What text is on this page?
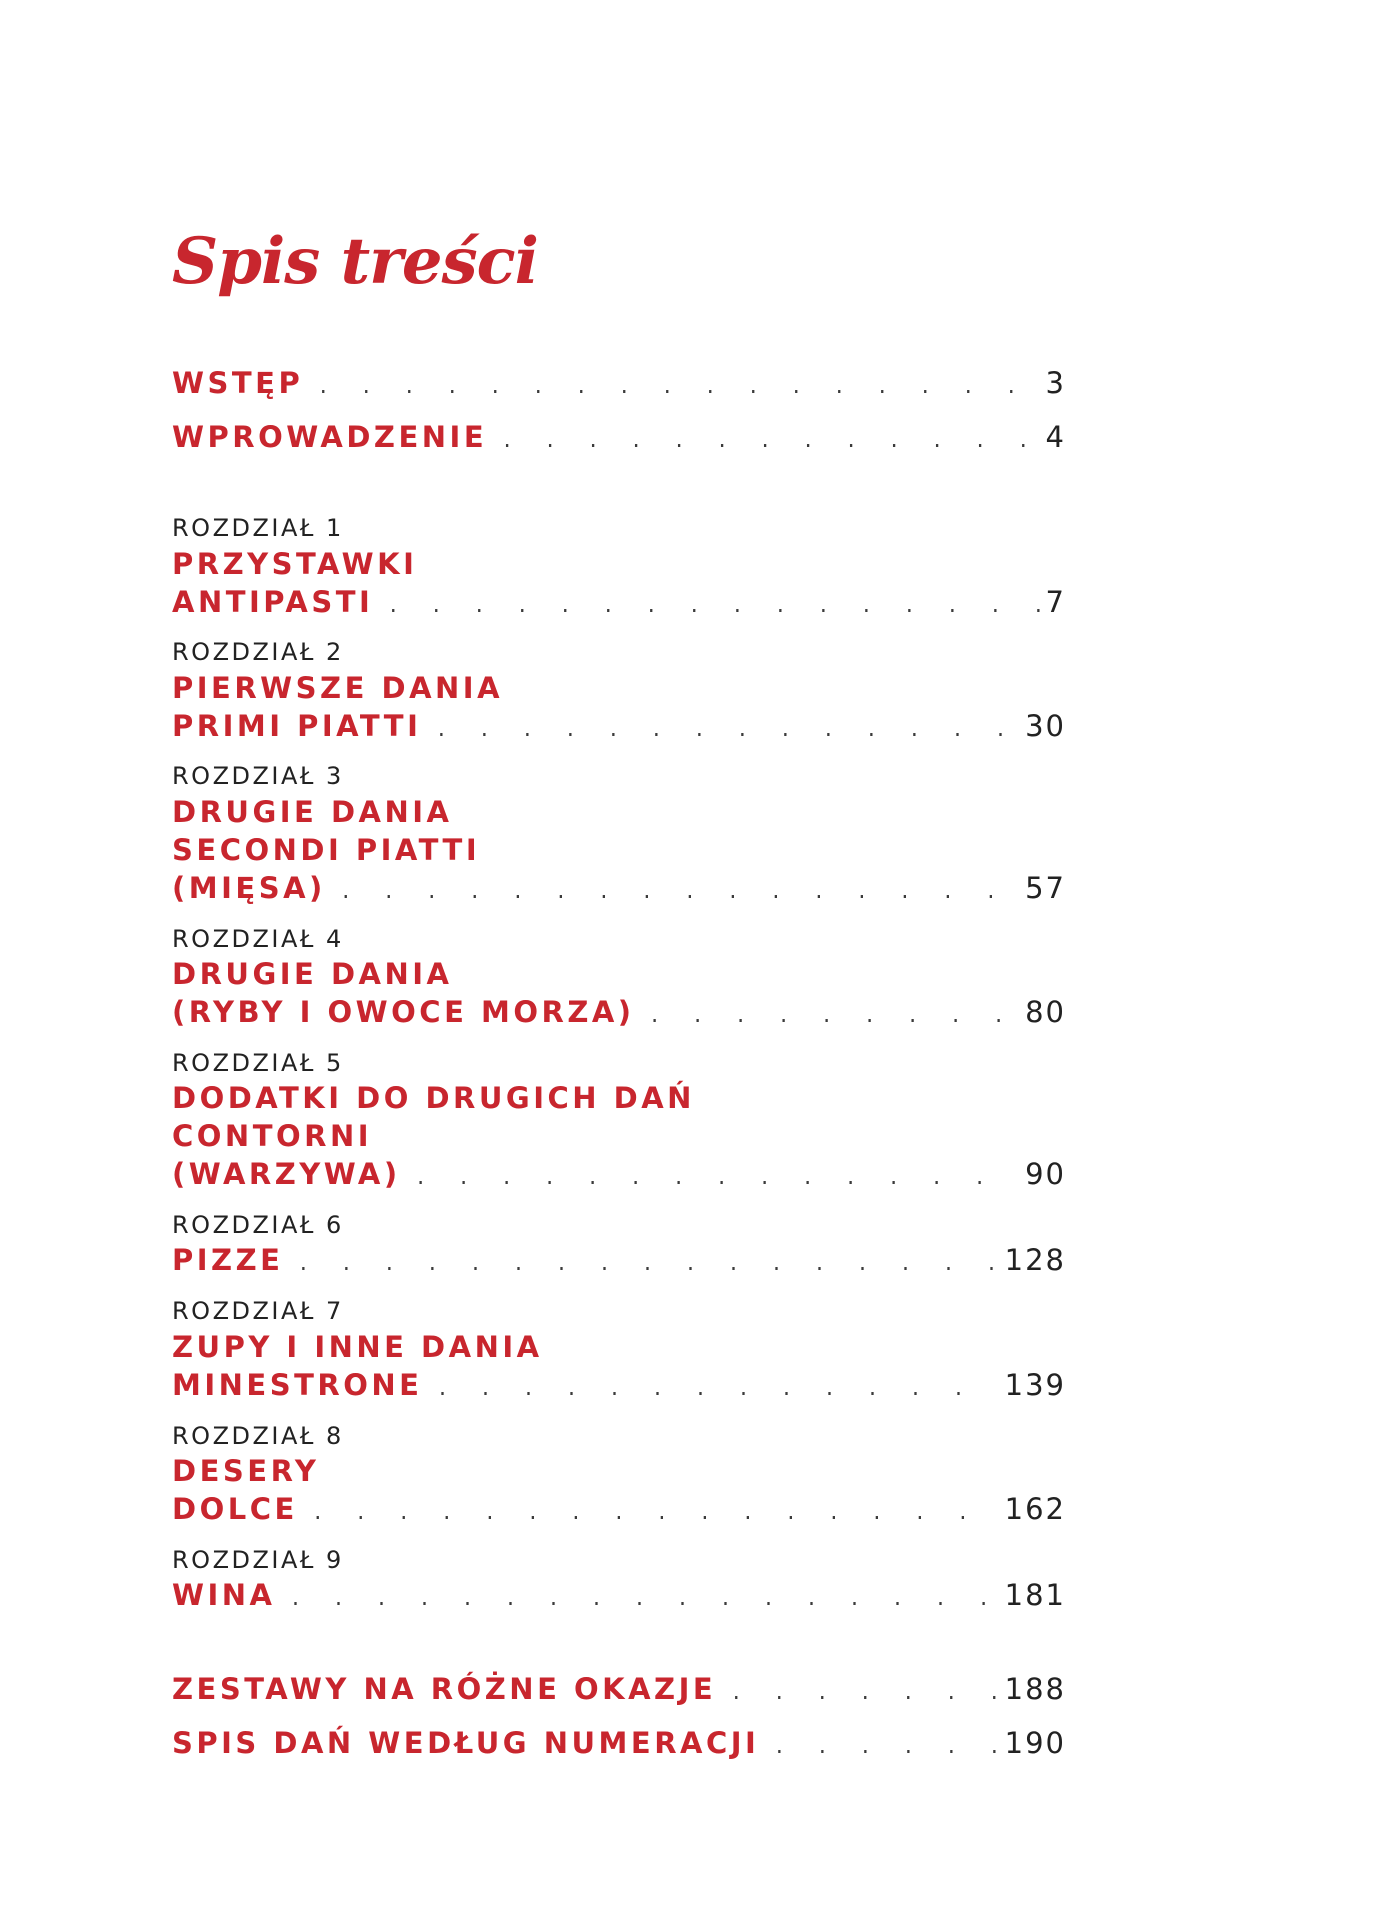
Spis treści
WSTĘP . . .	3
WPROWADZENIE . . .	4
ROZDZIAŁ 1
PRZYSTAWKI
ANTIPASTI . . .	7
ROZDZIAŁ 2
PIERWSZE DANIA
PRIMI PIATTI . . .	30
ROZDZIAŁ 3
DRUGIE DANIA
SECONDI PIATTI
(MIĘSA) . . .	57
ROZDZIAŁ 4
DRUGIE DANIA
(RYBY I OWOCE MORZA) . . .	80
ROZDZIAŁ 5
DODATKI DO DRUGICH DAŃ
CONTORNI
(WARZYWA) . . .	90
ROZDZIAŁ 6
PIZZE . . .	128
ROZDZIAŁ 7
ZUPY I INNE DANIA
MINESTRONE . . .	139
ROZDZIAŁ 8
DESERY
DOLCE . . .	162
ROZDZIAŁ 9
WINA . . .	181
ZESTAWY NA RÓŻNE OKAZJE . . .	188
SPIS DAŃ WEDŁUG NUMERACJI . . .	190
